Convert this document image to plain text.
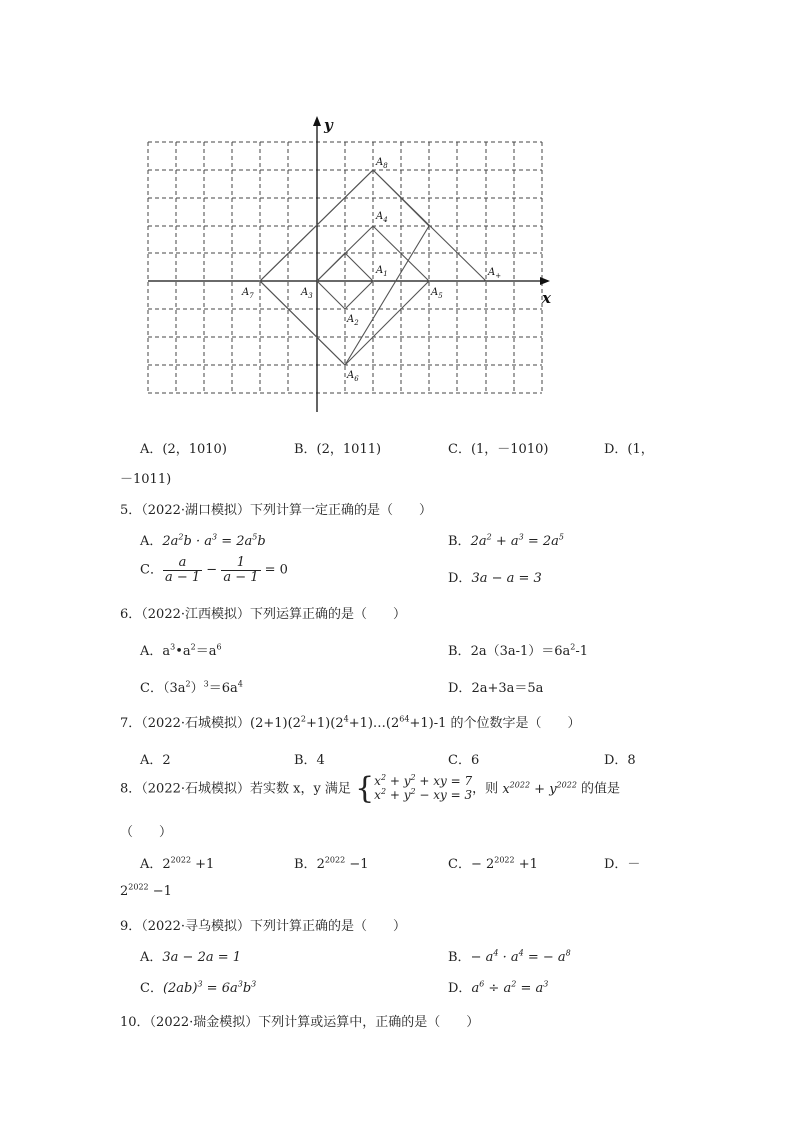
x
y
$A_8$
$A_4$
$A_1$
$A_7$	$A_3$	$A_5$
$A_+$
$A_2$
$A_6$
A．(2，1010)	B．(2，1011)	C．(1，－1010)	D．(1，
－1011)
5．（2022·湖口模拟）下列计算一定正确的是（　　）
A．$2a^2b \cdot a^3 = 2a^5b$	B．$2a^2 + a^3 = 2a^5$
C． $\frac{a}{a - 1} - \frac{1}{a - 1} = 0$
D．3a − a = 3
6．（2022·江西模拟）下列运算正确的是（　　）
A．$a^3•a^2=a^6$	B．$2a(3a-1)=6a^2-1$
C．$(3a^2)^3=6a^4$	D．2a+3a＝5a
7．（2022·石城模拟）$(2+1)(2^2+1)(2^4+1)\dots(2^{64}+1)-1$ 的个位数字是（　　）
A．2	B．4	C．6	D．8
8．（2022·石城模拟）若实数 x，y 满足 {$x^2 + y^2$ + xy = 7
$x^2 + y^2$ − xy = 3，则 $x^{2022} + y^{2022}$ 的值是
（　　）
A．$2^{2022} +1$	B．$2^{2022} -1$	C．− $2^{2022} +1$	D．－
$2^{2022} -1$
9．（2022·寻乌模拟）下列计算正确的是（　　）
A．3a − 2a = 1	B．− $a^4 \cdot a^4$ = − $a^8$
C．$(2ab)^3 = 6a^3b^3$	D．$a^6 \div a^2 = a^3$
10．（2022·瑞金模拟）下列计算或运算中，正确的是（　　）
